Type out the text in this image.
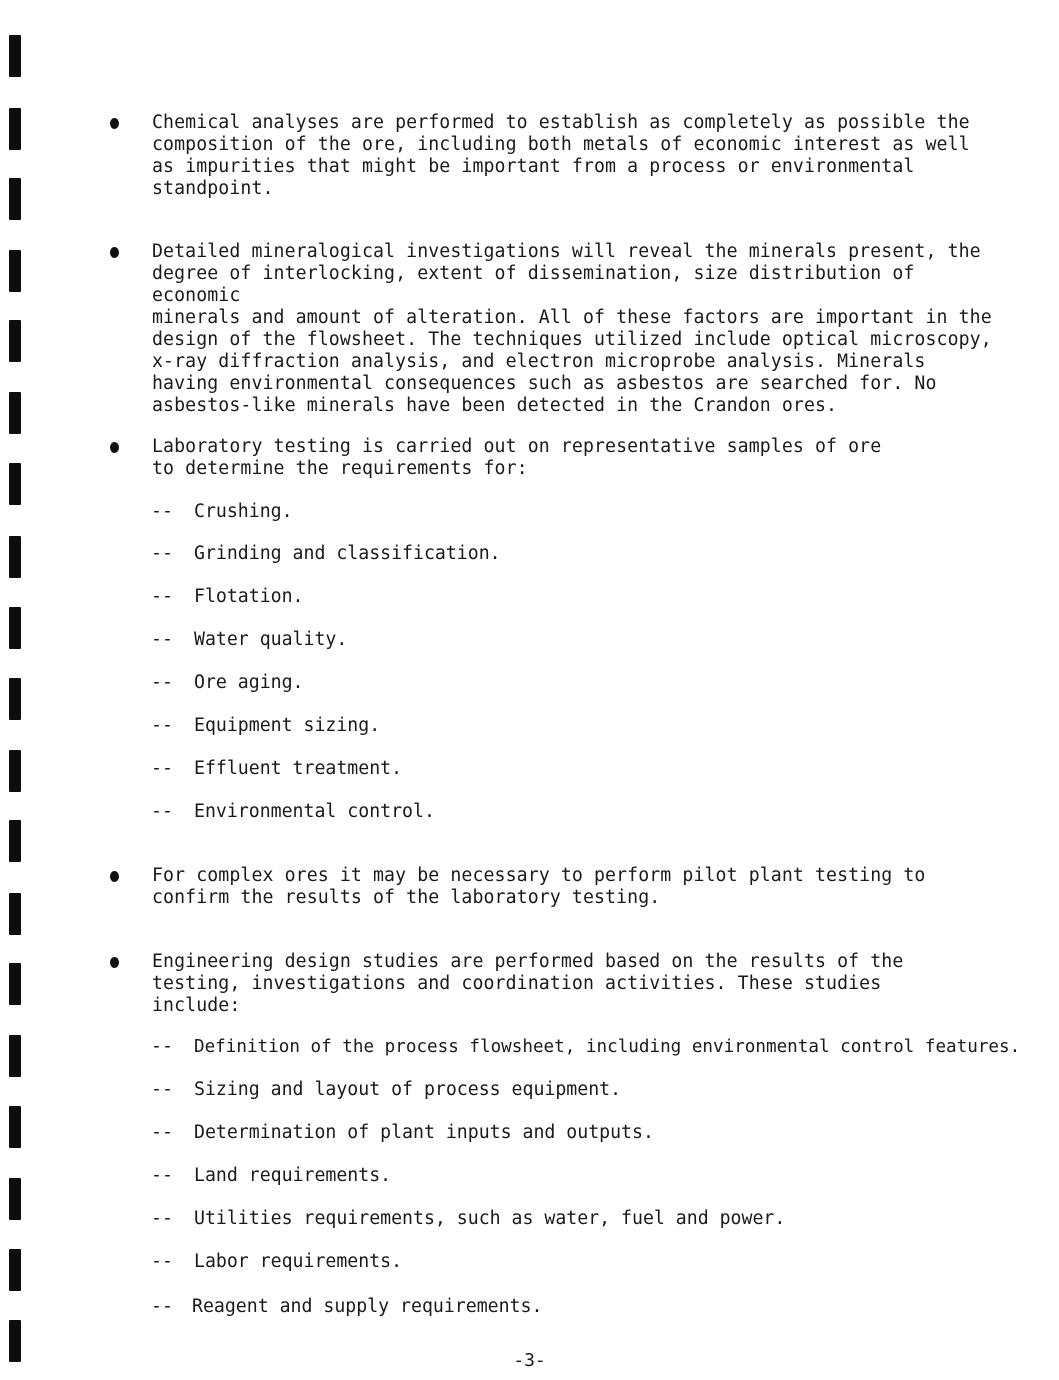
Chemical analyses are performed to establish as completely as possible the
composition of the ore, including both metals of economic interest as well
as impurities that might be important from a process or environmental
standpoint.
Detailed mineralogical investigations will reveal the minerals present, the
degree of interlocking, extent of dissemination, size distribution of economic
minerals and amount of alteration. All of these factors are important in the
design of the flowsheet. The techniques utilized include optical microscopy,
x-ray diffraction analysis, and electron microprobe analysis. Minerals
having environmental consequences such as asbestos are searched for. No
asbestos-like minerals have been detected in the Crandon ores.
Laboratory testing is carried out on representative samples of ore
to determine the requirements for:
-- Crushing.
-- Grinding and classification.
-- Flotation.
-- Water quality.
-- Ore aging.
-- Equipment sizing.
-- Effluent treatment.
-- Environmental control.
For complex ores it may be necessary to perform pilot plant testing to
confirm the results of the laboratory testing.
Engineering design studies are performed based on the results of the
testing, investigations and coordination activities. These studies
include:
-- Definition of the process flowsheet, including environmental control features.
-- Sizing and layout of process equipment.
-- Determination of plant inputs and outputs.
-- Land requirements.
-- Utilities requirements, such as water, fuel and power.
-- Labor requirements.
-- Reagent and supply requirements.
-3-
